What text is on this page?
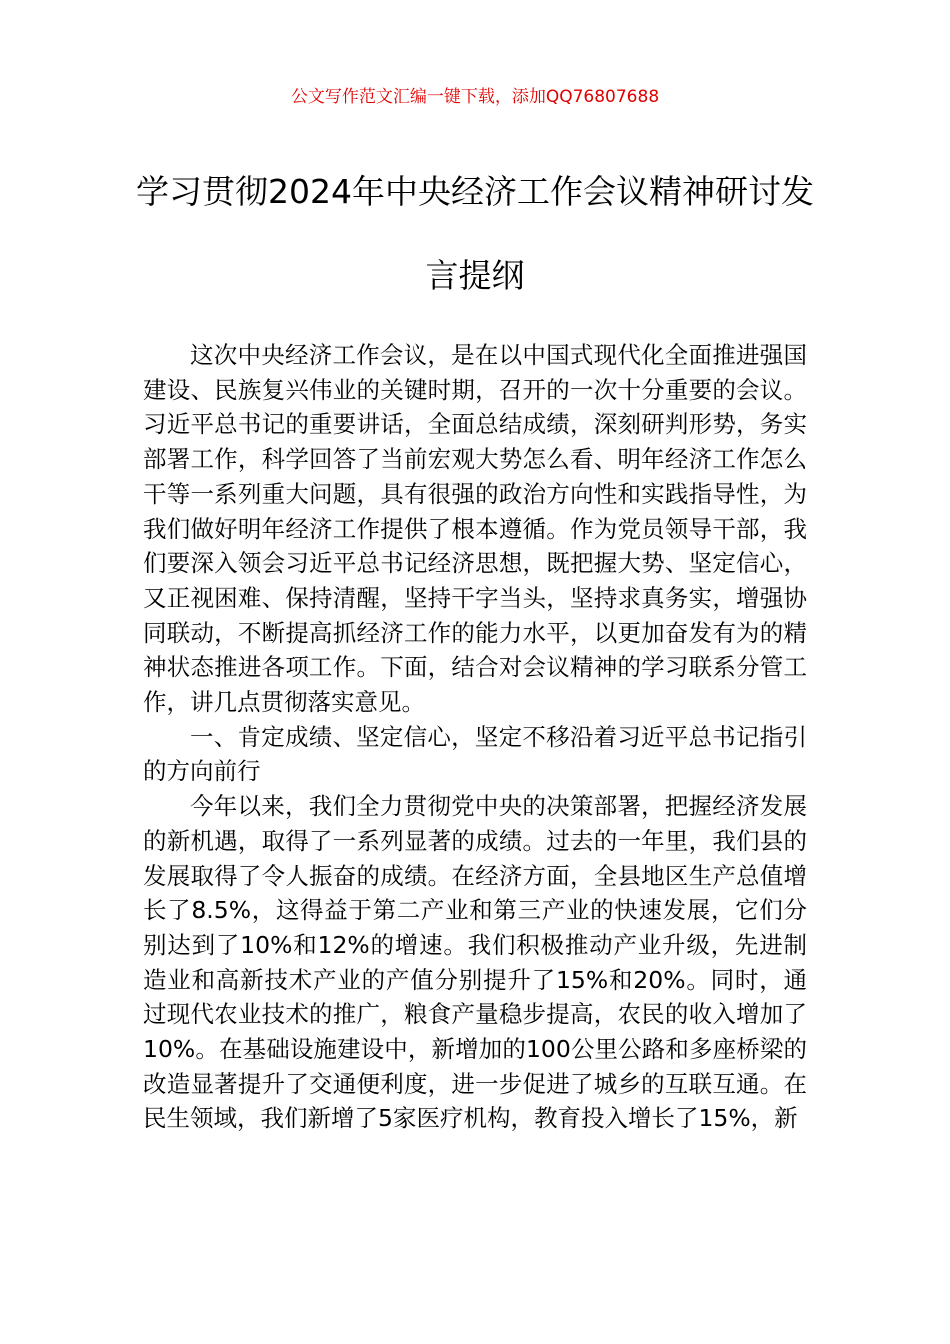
公文写作范文汇编一键下载，添加QQ76807688
学习贯彻2024年中央经济工作会议精神研讨发言提纲

这次中央经济工作会议，是在以中国式现代化全面推进强国建设、民族复兴伟业的关键时期，召开的一次十分重要的会议。习近平总书记的重要讲话，全面总结成绩，深刻研判形势，务实部署工作，科学回答了当前宏观大势怎么看、明年经济工作怎么干等一系列重大问题，具有很强的政治方向性和实践指导性，为我们做好明年经济工作提供了根本遵循。作为党员领导干部，我们要深入领会习近平总书记经济思想，既把握大势、坚定信心，又正视困难、保持清醒，坚持干字当头，坚持求真务实，增强协同联动，不断提高抓经济工作的能力水平，以更加奋发有为的精神状态推进各项工作。下面，结合对会议精神的学习联系分管工作，讲几点贯彻落实意见。

一、肯定成绩、坚定信心，坚定不移沿着习近平总书记指引的方向前行

今年以来，我们全力贯彻党中央的决策部署，把握经济发展的新机遇，取得了一系列显著的成绩。过去的一年里，我们县的发展取得了令人振奋的成绩。在经济方面，全县地区生产总值增长了8.5%，这得益于第二产业和第三产业的快速发展，它们分别达到了10%和12%的增速。我们积极推动产业升级，先进制造业和高新技术产业的产值分别提升了15%和20%。同时，通过现代农业技术的推广，粮食产量稳步提高，农民的收入增加了10%。在基础设施建设中，新增加的100公里公路和多座桥梁的改造显著提升了交通便利度，进一步促进了城乡的互联互通。在民生领域，我们新增了5家医疗机构，教育投入增长了15%，新
